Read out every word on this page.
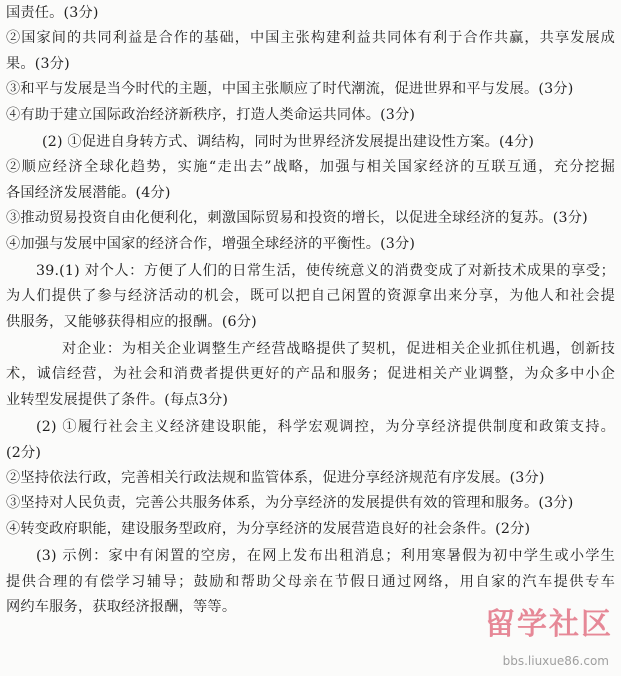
国责任。(3分)
②国家间的共同利益是合作的基础，中国主张构建利益共同体有利于合作共赢，共享发展成
果。(3分)
③和平与发展是当今时代的主题，中国主张顺应了时代潮流，促进世界和平与发展。(3分)
④有助于建立国际政治经济新秩序，打造人类命运共同体。(3分)
(2) ①促进自身转方式、调结构，同时为世界经济发展提出建设性方案。(4分)
②顺应经济全球化趋势，实施“走出去”战略，加强与相关国家经济的互联互通，充分挖掘
各国经济发展潜能。(4分)
③推动贸易投资自由化便利化，刺激国际贸易和投资的增长，以促进全球经济的复苏。(3分)
④加强与发展中国家的经济合作，增强全球经济的平衡性。(3分)
39.(1) 对个人：方便了人们的日常生活，使传统意义的消费变成了对新技术成果的享受；
为人们提供了参与经济活动的机会，既可以把自己闲置的资源拿出来分享，为他人和社会提
供服务，又能够获得相应的报酬。(6分)
对企业：为相关企业调整生产经营战略提供了契机，促进相关企业抓住机遇，创新技
术，诚信经营，为社会和消费者提供更好的产品和服务；促进相关产业调整，为众多中小企
业转型发展提供了条件。(每点3分)
(2) ①履行社会主义经济建设职能，科学宏观调控，为分享经济提供制度和政策支持。
(2分)
②坚持依法行政，完善相关行政法规和监管体系，促进分享经济规范有序发展。(3分)
③坚持对人民负责，完善公共服务体系，为分享经济的发展提供有效的管理和服务。(3分)
④转变政府职能，建设服务型政府，为分享经济的发展营造良好的社会条件。(2分)
(3) 示例：家中有闲置的空房，在网上发布出租消息；利用寒暑假为初中学生或小学生
提供合理的有偿学习辅导；鼓励和帮助父母亲在节假日通过网络，用自家的汽车提供专车
网约车服务，获取经济报酬，等等。
留学社区
bbs.liuxue86.com
